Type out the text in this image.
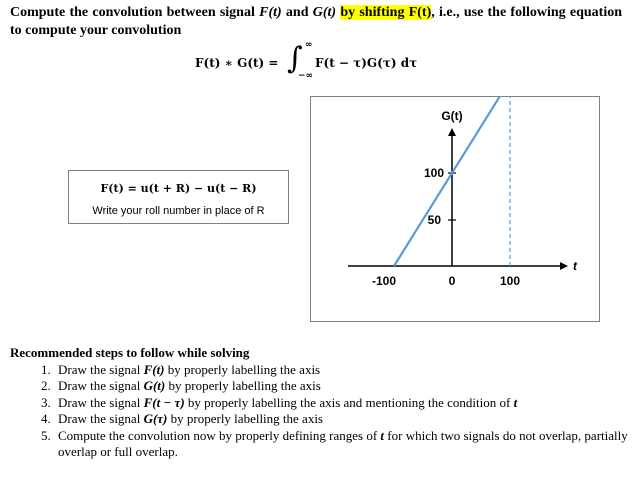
Compute the convolution between signal F(t) and G(t) by shifting F(t), i.e., use the following equation to compute your convolution
F(t) ∗ G(t) = ∫ ∞
−∞
F(t − τ)G(τ) dτ
F(t) = u(t + R) − u(t − R)
Write your roll number in place of R
G(t)
t
100
50
-100	0	100
Recommended steps to follow while solving
1. Draw the signal F(t) by properly labelling the axis
2. Draw the signal G(t) by properly labelling the axis
3. Draw the signal F(t − τ) by properly labelling the axis and mentioning the condition of t
4. Draw the signal G(τ) by properly labelling the axis
5. Compute the convolution now by properly defining ranges of t for which two signals do not overlap, partially overlap or full overlap.
